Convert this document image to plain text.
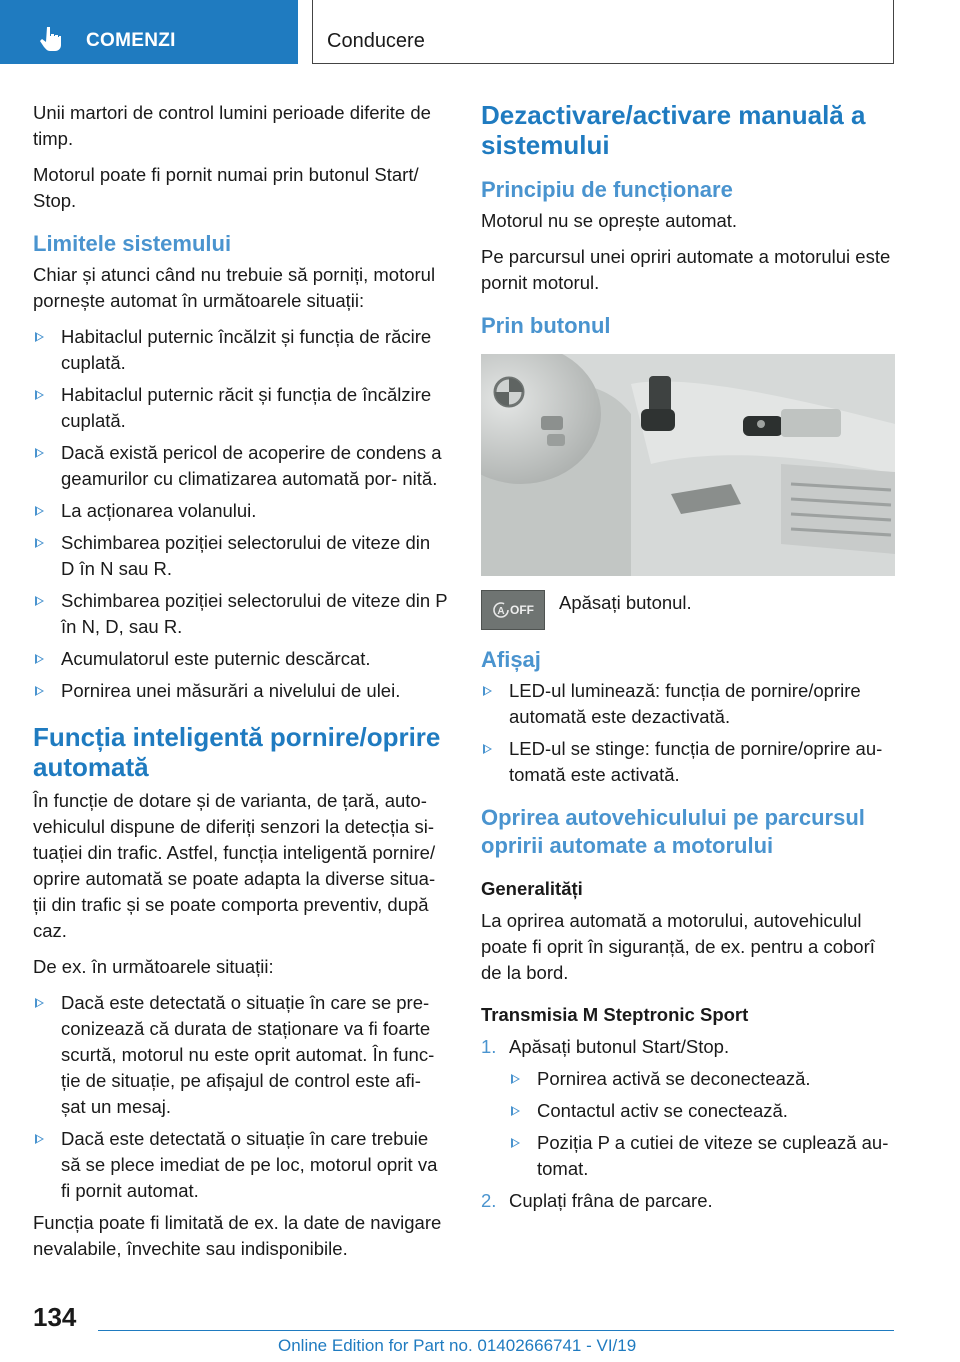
COMENZI	Conducere

Unii martori de control lumini perioade diferite de timp.

Motorul poate fi pornit numai prin butonul Start/ Stop.

Limitele sistemului

Chiar și atunci când nu trebuie să porniți, motorul pornește automat în următoarele situații:

Habitaclul puternic încălzit și funcția de răcire cuplată.
Habitaclul puternic răcit și funcția de încălzire cuplată.
Dacă există pericol de acoperire de condens a geamurilor cu climatizarea automată por- nită.
La acționarea volanului.
Schimbarea poziției selectorului de viteze din D în N sau R.
Schimbarea poziției selectorului de viteze din P în N, D, sau R.
Acumulatorul este puternic descărcat.
Pornirea unei măsurări a nivelului de ulei.
Funcția inteligentă pornire/oprire automată

În funcție de dotare și de varianta, de țară, auto- vehiculul dispune de diferiți senzori la detecția si- tuației din trafic. Astfel, funcția inteligentă pornire/ oprire automată se poate adapta la diverse situa- ții din trafic și se poate comporta preventiv, după caz.

De ex. în următoarele situații:

Dacă este detectată o situație în care se pre- conizează că durata de staționare va fi foarte scurtă, motorul nu este oprit automat. În func- ție de situație, pe afișajul de control este afi- șat un mesaj.
Dacă este detectată o situație în care trebuie să se plece imediat de pe loc, motorul oprit va fi pornit automat.

Funcția poate fi limitată de ex. la date de navigare nevalabile, învechite sau indisponibile.

Dezactivare/activare manuală a sistemului
Principiu de funcționare

Motorul nu se oprește automat.

Pe parcursul unei opriri automate a motorului este pornit motorul.

Prin butonul
A OFF Apăsați butonul.

Afișaj
LED-ul luminează: funcția de pornire/oprire automată este dezactivată.
LED-ul se stinge: funcția de pornire/oprire au- tomată este activată.
Oprirea autovehiculului pe parcursul opririi automate a motorului
Generalități

La oprirea automată a motorului, autovehiculul poate fi oprit în siguranță, de ex. pentru a coborî de la bord.

Transmisia M Steptronic Sport
1. Apăsați butonul Start/Stop.
Pornirea activă se deconectează.
Contactul activ se conectează.
Poziția P a cutiei de viteze se cuplează au- tomat.
2. Cuplați frâna de parcare.
134
Online Edition for Part no. 01402666741 - VI/19
